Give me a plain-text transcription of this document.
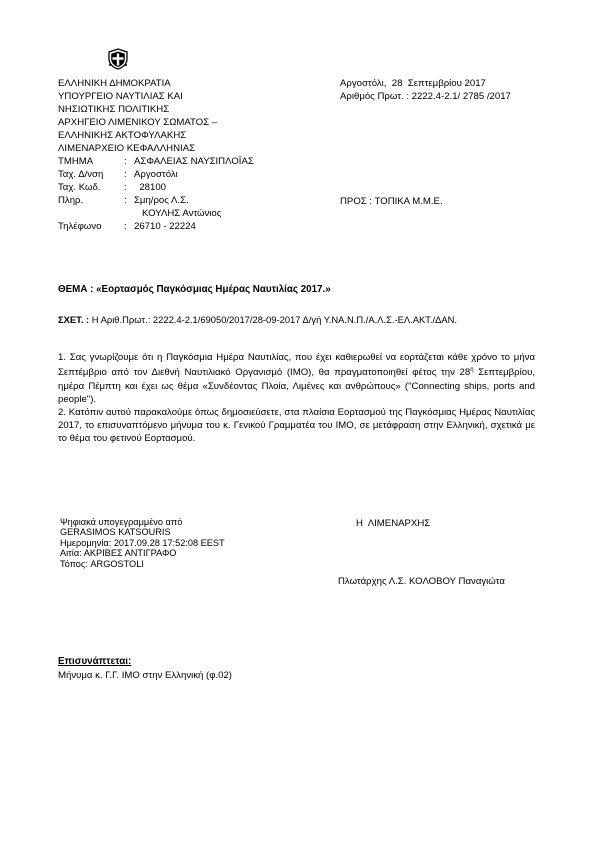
ΕΛΛΗΝΙΚΗ ΔΗΜΟΚΡΑΤΙΑ
ΥΠΟΥΡΓΕΙΟ ΝΑΥΤΙΛΙΑΣ ΚΑΙ
ΝΗΣΙΩΤΙΚΗΣ ΠΟΛΙΤΙΚΗΣ
ΑΡΧΗΓΕΙΟ ΛΙΜΕΝΙΚΟΥ ΣΩΜΑΤΟΣ –
ΕΛΛΗΝΙΚΗΣ ΑΚΤΟΦΥΛΑΚΗΣ
ΛΙΜΕΝΑΡΧΕΙΟ ΚΕΦΑΛΛΗΝΙΑΣ
ΤΜΗΜΑ	: ΑΣΦΑΛΕΙΑΣ ΝΑΥΣΙΠΛΟΪΑΣ
Ταχ. Δ/νση	: Αργοστόλι
Ταχ. Κωδ.	: 28100
Πληρ.	: Σμη/ρος Λ.Σ.
ΚΟΥΛΗΣ Αντώνιος
Τηλέφωνο	: 26710 - 22224
Αργοστόλι,  28  Σεπτεμβρίου 2017
Αριθμός Πρωτ. : 2222.4-2.1/ 2785 /2017
ΠΡΟΣ : ΤΟΠΙΚΑ Μ.Μ.Ε.
ΘΕΜΑ : «Εορτασμός Παγκόσμιας Ημέρας Ναυτιλίας 2017.»
ΣΧΕΤ. : Η Αριθ.Πρωτ.: 2222.4-2.1/69050/2017/28-09-2017 Δ/γή Υ.ΝΑ.Ν.Π./Α.Λ.Σ.-ΕΛ.ΑΚΤ./ΔΑΝ.

1. Σας γνωρίζουμε ότι η Παγκόσμια Ημέρα Ναυτιλίας, που έχει καθιερωθεί να εορτάζεται κάθε χρόνο το μήνα Σεπτέμβριο από τον Διεθνή Ναυτιλιακό Οργανισμό (ΙΜΟ), θα πραγματοποιηθεί φέτος την $28^\eta$ Σεπτεμβρίου, ημέρα Πέμπτη και έχει ως θέμα «Συνδέοντας Πλοία, Λιμένες και ανθρώπους» ("Connecting ships, ports and people").

2. Κατόπιν αυτού παρακαλούμε όπως δημοσιεύσετε, στα πλαίσια Εορτασμού της Παγκόσμιας Ημέρας Ναυτιλίας 2017, το επισυναπτόμενο μήνυμα του κ. Γενικού Γραμματέα του ΙΜΟ, σε μετάφραση στην Ελληνική, σχετικά με το θέμα του φετινού Εορτασμού.

Ψηφιακά υπογεγραμμένο από
GERASIMOS KATSOURIS
Ημερομηνία: 2017.09.28 17:52:08 EEST
Αιτία: ΑΚΡΙΒΕΣ ΑΝΤΙΓΡΑΦΟ
Τόπος: ARGOSTOLI
Η  ΛΙΜΕΝΑΡΧΗΣ
Πλωτάρχης Λ.Σ. ΚΟΛΟΒΟΥ Παναγιώτα
Επισυνάπτεται:
Μήνυμα κ. Γ.Γ. ΙΜΟ στην Ελληνική (φ.02)
